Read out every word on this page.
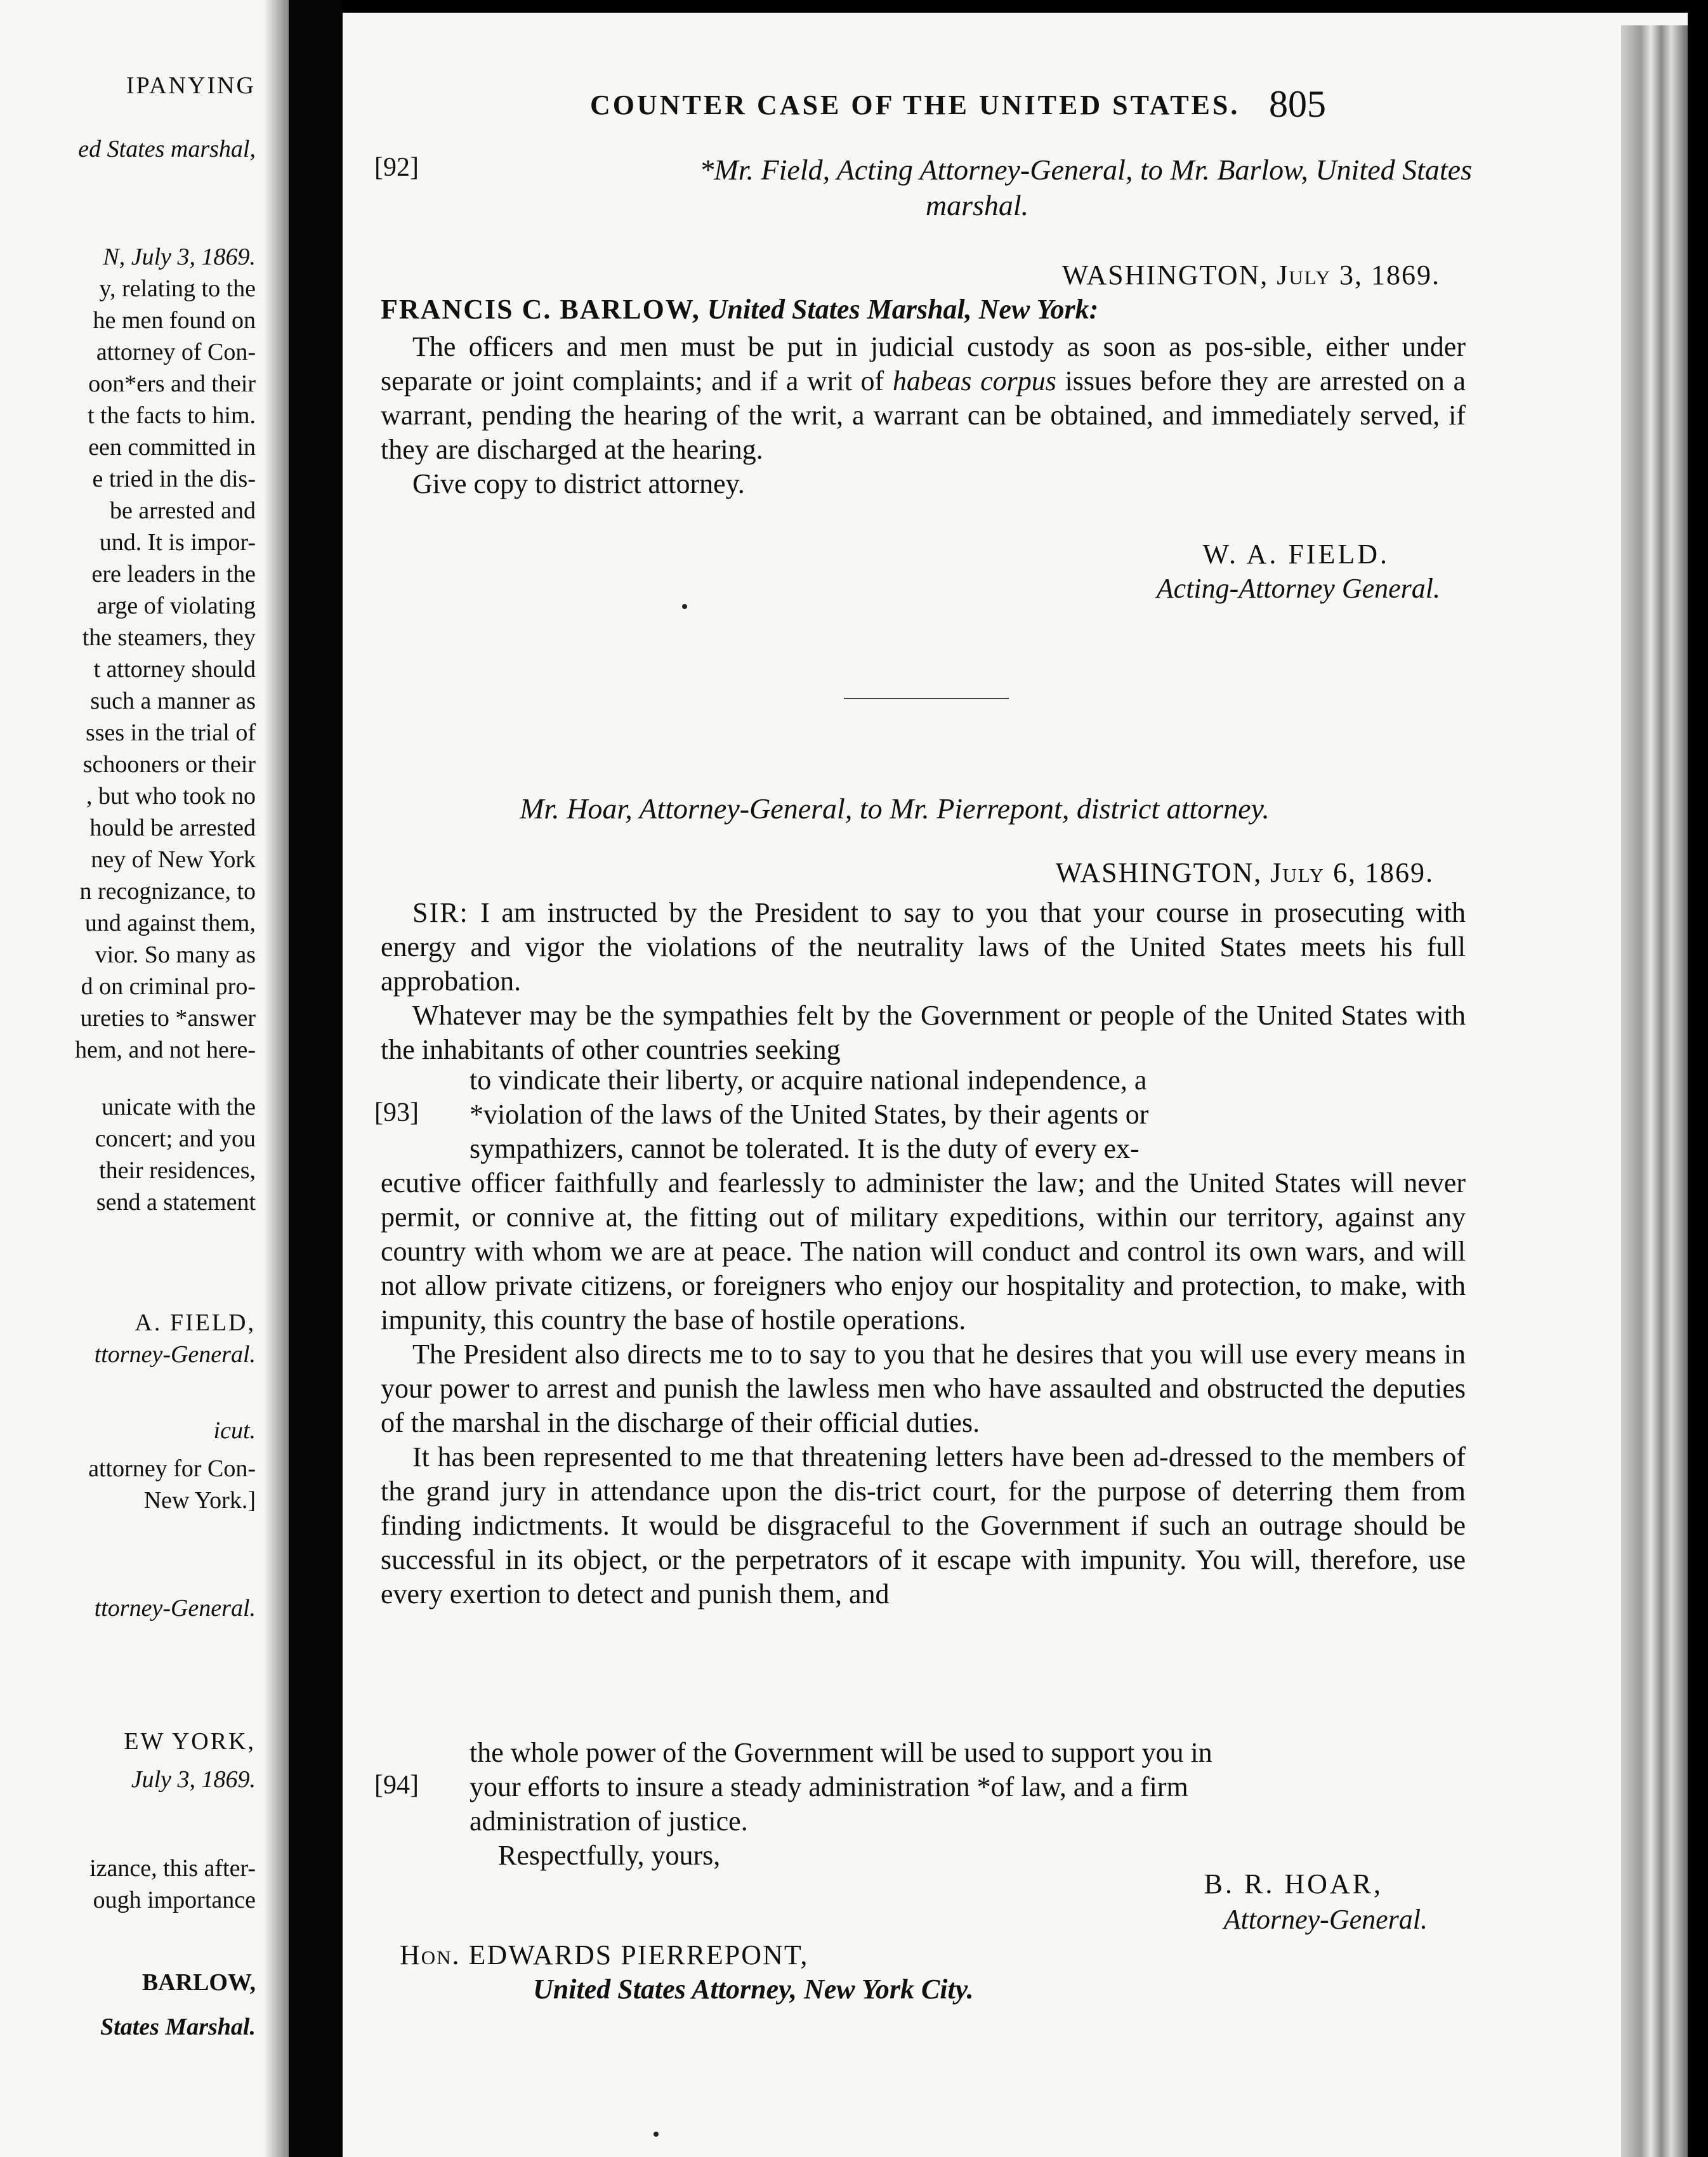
IPANYING
ed States marshal,
N, July 3, 1869.
y, relating to the
he men found on
attorney of Con-
oon*ers and their
t the facts to him.
een committed in
e tried in the dis-
be arrested and
und. It is impor-
ere leaders in the
arge of violating
the steamers, they
t attorney should
such a manner as
sses in the trial of
schooners or their
, but who took no
hould be arrested
ney of New York
n recognizance, to
und against them,
vior. So many as
d on criminal pro-
ureties to *answer
hem, and not here-
unicate with the
concert; and you
their residences,
send a statement
A. FIELD,
ttorney-General.
icut.
attorney for Con-
New York.]
ttorney-General.
EW YORK,
July 3, 1869.
izance, this after-
ough importance
BARLOW,
States Marshal.
COUNTER CASE OF THE UNITED STATES. 805
[92]	*Mr. Field, Acting Attorney-General, to Mr. Barlow, United States
marshal.
WASHINGTON, July 3, 1869.
FRANCIS C. BARLOW, United States Marshal, New York:

The officers and men must be put in judicial custody as soon as pos-sible, either under separate or joint complaints; and if a writ of habeas corpus issues before they are arrested on a warrant, pending the hearing of the writ, a warrant can be obtained, and immediately served, if they are discharged at the hearing.

Give copy to district attorney.

W. A. FIELD.
Acting-Attorney General.
Mr. Hoar, Attorney-General, to Mr. Pierrepont, district attorney.
WASHINGTON, July 6, 1869.

SIR: I am instructed by the President to say to you that your course in prosecuting with energy and vigor the violations of the neutrality laws of the United States meets his full approbation.

Whatever may be the sympathies felt by the Government or people of the United States with the inhabitants of other countries seeking

to vindicate their liberty, or acquire national independence, a

*violation of the laws of the United States, by their agents or

sympathizers, cannot be tolerated. It is the duty of every ex-

[93]

ecutive officer faithfully and fearlessly to administer the law; and the United States will never permit, or connive at, the fitting out of military expeditions, within our territory, against any country with whom we are at peace. The nation will conduct and control its own wars, and will not allow private citizens, or foreigners who enjoy our hospitality and protection, to make, with impunity, this country the base of hostile operations.

The President also directs me to to say to you that he desires that you will use every means in your power to arrest and punish the lawless men who have assaulted and obstructed the deputies of the marshal in the discharge of their official duties.

It has been represented to me that threatening letters have been ad-dressed to the members of the grand jury in attendance upon the dis-trict court, for the purpose of deterring them from finding indictments. It would be disgraceful to the Government if such an outrage should be successful in its object, or the perpetrators of it escape with impunity. You will, therefore, use every exertion to detect and punish them, and

the whole power of the Government will be used to support you in

your efforts to insure a steady administration *of law, and a firm

administration of justice.

Respectfully, yours,

[94]
B. R. HOAR,
Attorney-General.
Hon. EDWARDS PIERREPONT,
United States Attorney, New York City.
